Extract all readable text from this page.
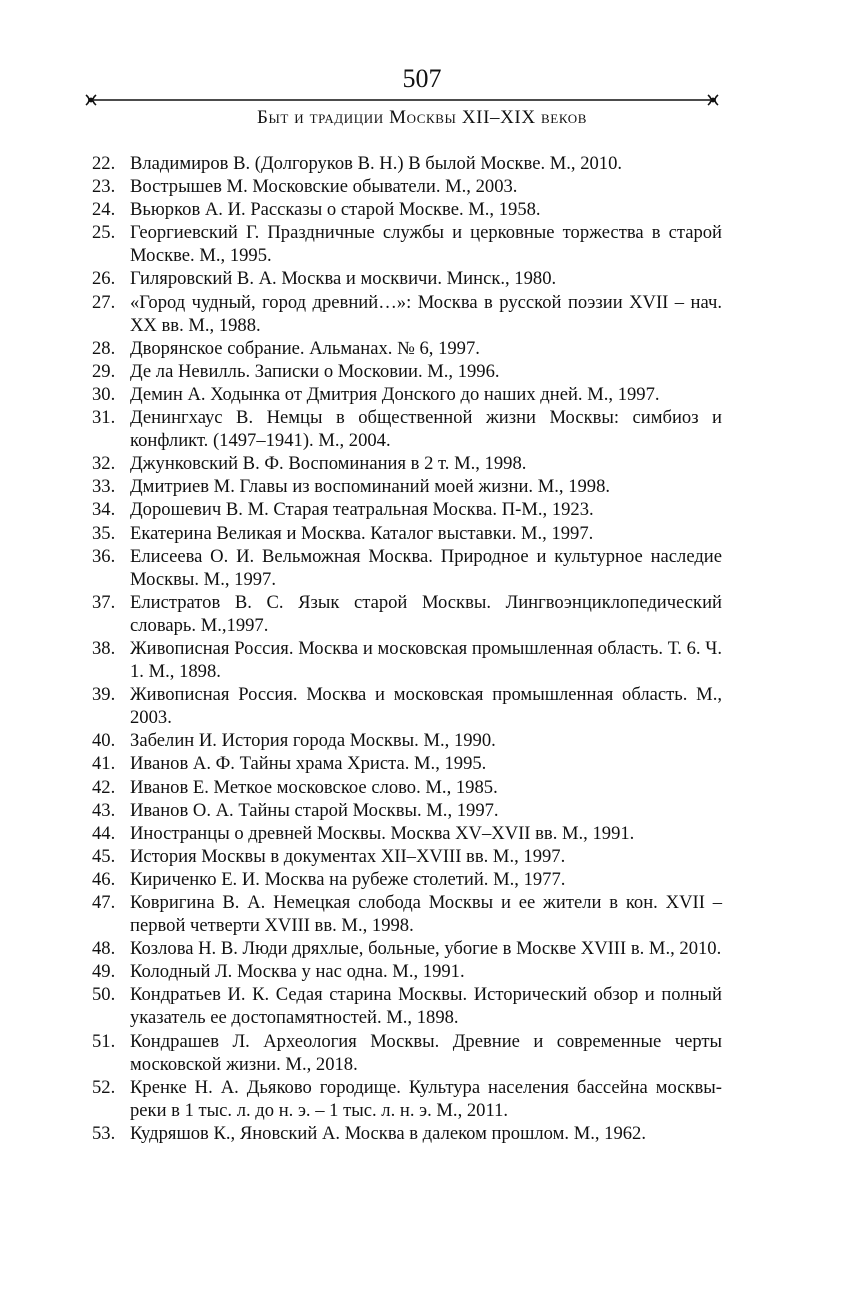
507
Быт и традиции Москвы XII–XIX веков
22. Владимиров В. (Долгоруков В. Н.) В былой Москве. М., 2010.
23. Вострышев М. Московские обыватели. М., 2003.
24. Вьюрков А. И. Рассказы о старой Москве. М., 1958.
25. Георгиевский Г. Праздничные службы и церковные торжества в старой Москве. М., 1995.
26. Гиляровский В. А. Москва и москвичи. Минск., 1980.
27. «Город чудный, город древний…»: Москва в русской поэзии XVII – нач. XX вв. М., 1988.
28. Дворянское собрание. Альманах. № 6, 1997.
29. Де ла Невилль. Записки о Московии. М., 1996.
30. Демин А. Ходынка от Дмитрия Донского до наших дней. М., 1997.
31. Денингхаус В. Немцы в общественной жизни Москвы: симбиоз и конфликт. (1497–1941). М., 2004.
32. Джунковский В. Ф. Воспоминания в 2 т. М., 1998.
33. Дмитриев М. Главы из воспоминаний моей жизни. М., 1998.
34. Дорошевич В. М. Старая театральная Москва. П-М., 1923.
35. Екатерина Великая и Москва. Каталог выставки. М., 1997.
36. Елисеева О. И. Вельможная Москва. Природное и культурное наследие Москвы. М., 1997.
37. Елистратов В. С. Язык старой Москвы. Лингвоэнциклопедический словарь. М.,1997.
38. Живописная Россия. Москва и московская промышленная область. Т. 6. Ч. 1. М., 1898.
39. Живописная Россия. Москва и московская промышленная область. М., 2003.
40. Забелин И. История города Москвы. М., 1990.
41. Иванов А. Ф. Тайны храма Христа. М., 1995.
42. Иванов Е. Меткое московское слово. М., 1985.
43. Иванов О. А. Тайны старой Москвы. М., 1997.
44. Иностранцы о древней Москвы. Москва XV–XVII вв. М., 1991.
45. История Москвы в документах XII–XVIII вв. М., 1997.
46. Кириченко Е. И. Москва на рубеже столетий. М., 1977.
47. Ковригина В. А. Немецкая слобода Москвы и ее жители в кон. XVII – первой четверти XVIII вв. М., 1998.
48. Козлова Н. В. Люди дряхлые, больные, убогие в Москве XVIII в. М., 2010.
49. Колодный Л. Москва у нас одна. М., 1991.
50. Кондратьев И. К. Седая старина Москвы. Исторический обзор и полный указатель ее достопамятностей. М., 1898.
51. Кондрашев Л. Археология Москвы. Древние и современные черты московской жизни. М., 2018.
52. Кренке Н. А. Дьяково городище. Культура населения бассейна москвы-реки в 1 тыс. л. до н. э. – 1 тыс. л. н. э. М., 2011.
53. Кудряшов К., Яновский А. Москва в далеком прошлом. М., 1962.
